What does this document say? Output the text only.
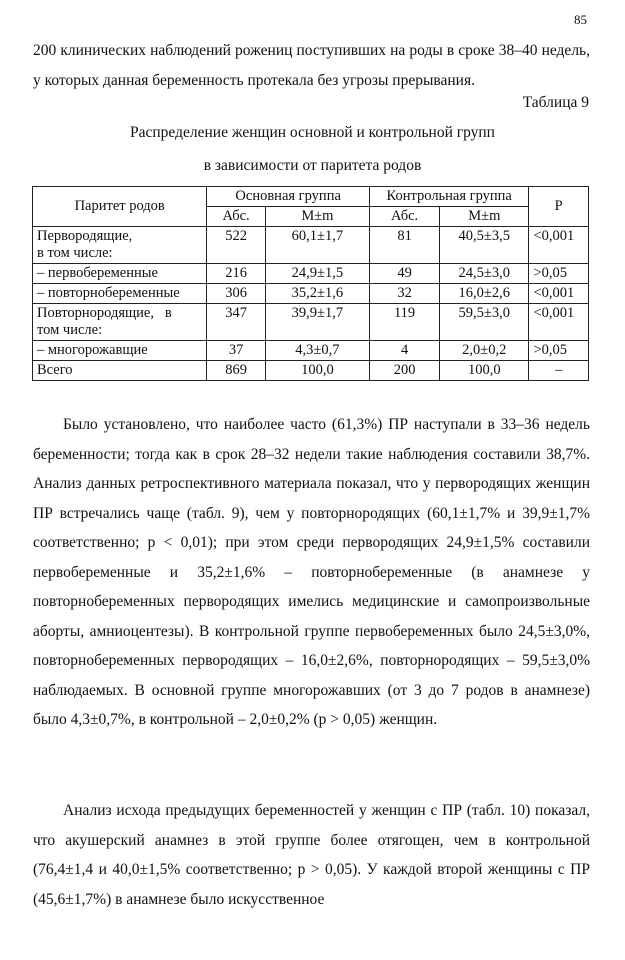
85
200 клинических наблюдений рожениц поступивших на роды в сроке 38–40 недель, у которых данная беременность протекала без угрозы прерывания.
Таблица 9
Распределение женщин основной и контрольной групп
в зависимости от паритета родов
Паритет родов	Основная группа		Контрольная группа		P
	Абс.	M±m	Абс.	M±m	

Первородящие,
в том числе:	522	60,1±1,7	81	40,5±3,5	<0,001
– первобеременные	216	24,9±1,5	49	24,5±3,0	>0,05
– повторнобеременные	306	35,2±1,6	32	16,0±2,6	<0,001

Повторнородящие,   в
том числе:	347	39,9±1,7	119	59,5±3,0	<0,001
– многорожавщие	37	4,3±0,7	4	2,0±0,2	>0,05
Всего	869	100,0	200	100,0	–
Было установлено, что наиболее часто (61,3%) ПР наступали в 33–36 недель беременности; тогда как в срок 28–32 недели такие наблюдения составили 38,7%. Анализ данных ретроспективного материала показал, что у первородящих женщин ПР встречались чаще (табл. 9), чем у повторнородящих (60,1±1,7% и 39,9±1,7% соответственно; p < 0,01); при этом среди первородящих 24,9±1,5% составили первобеременные и 35,2±1,6% – повторнобеременные (в анамнезе у повторнобеременных первородящих имелись медицинские и самопроизвольные аборты, амниоцентезы). В контрольной группе первобеременных было 24,5±3,0%, повторнобеременных первородящих – 16,0±2,6%, повторнородящих – 59,5±3,0% наблюдаемых. В основной группе многорожавших (от 3 до 7 родов в анамнезе) было 4,3±0,7%, в контрольной – 2,0±0,2% (p > 0,05) женщин.
Анализ исхода предыдущих беременностей у женщин с ПР (табл. 10) показал, что акушерский анамнез в этой группе более отягощен, чем в контрольной (76,4±1,4 и 40,0±1,5% соответственно; p > 0,05). У каждой второй женщины с ПР (45,6±1,7%) в анамнезе было искусственное
